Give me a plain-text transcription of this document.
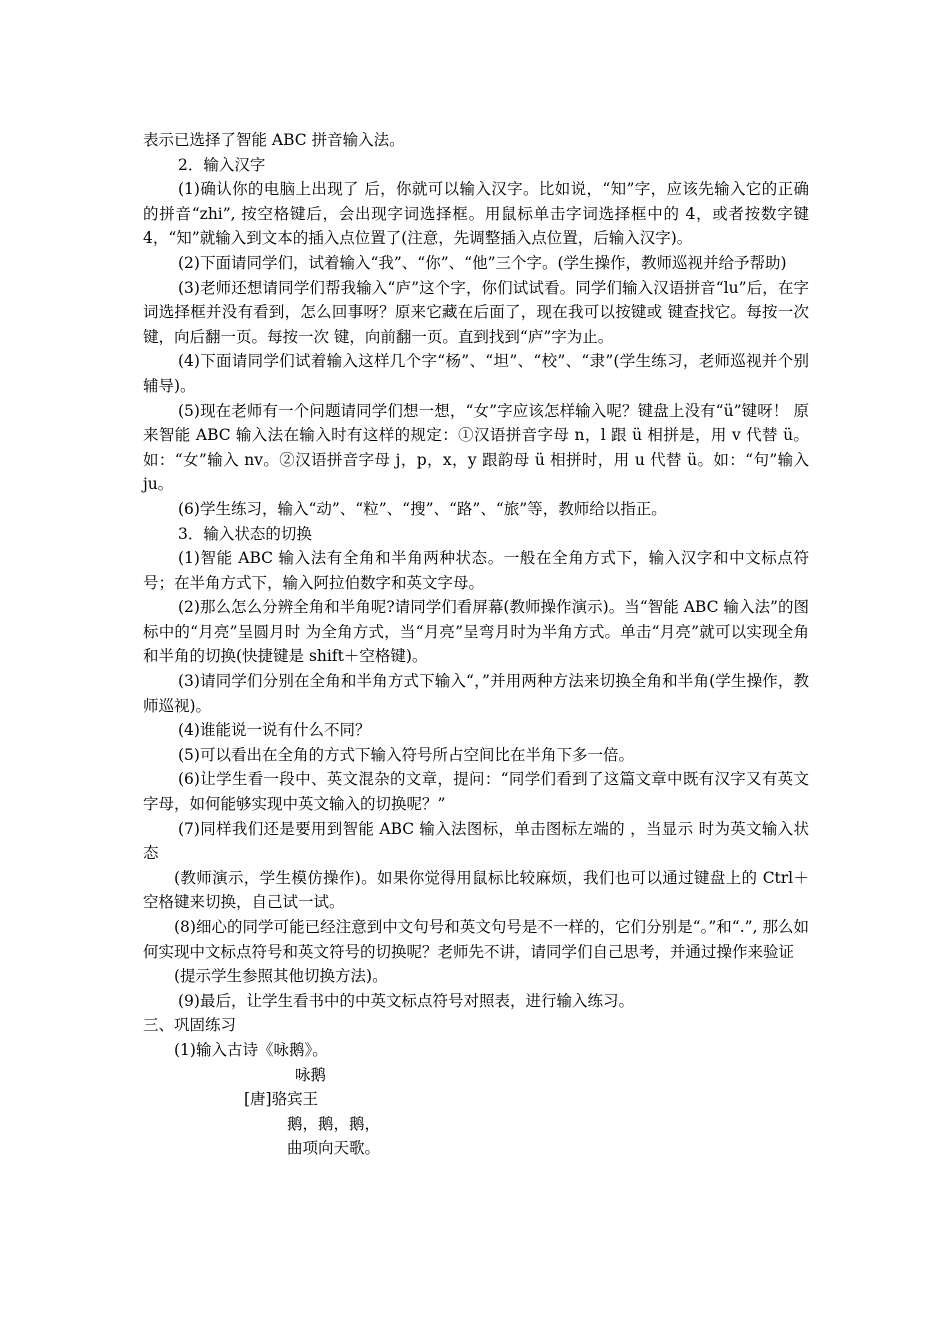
表示已选择了智能 ABC 拼音输入法。

2．输入汉字

(1)确认你的电脑上出现了 后，你就可以输入汉字。比如说，“知”字，应该先输入它的正确的拼音“zhi”, 按空格键后，会出现字词选择框。用鼠标单击字词选择框中的 4，或者按数字键 4，“知”就输入到文本的插入点位置了(注意，先调整插入点位置，后输入汉字)。

(2)下面请同学们，试着输入“我”、“你”、“他”三个字。(学生操作，教师巡视并给予帮助)

(3)老师还想请同学们帮我输入“庐”这个字，你们试试看。同学们输入汉语拼音“lu”后，在字词选择框并没有看到，怎么回事呀？原来它藏在后面了，现在我可以按键或 键查找它。每按一次 键，向后翻一页。每按一次 键，向前翻一页。直到找到“庐”字为止。

(4)下面请同学们试着输入这样几个字“杨”、“坦”、“校”、“隶”(学生练习，老师巡视并个别辅导)。

(5)现在老师有一个问题请同学们想一想，“女”字应该怎样输入呢？键盘上没有“ü”键呀！ 原来智能 ABC 输入法在输入时有这样的规定：①汉语拼音字母 n，l 跟 ü 相拼是，用 v 代替 ü。如：“女”输入 nv。②汉语拼音字母 j，p，x，y 跟韵母 ü 相拼时，用 u 代替 ü。如：“句”输入 ju。

(6)学生练习，输入“动”、“粒”、“搜”、“路”、“旅”等，教师给以指正。

3．输入状态的切换

(1)智能 ABC 输入法有全角和半角两种状态。一般在全角方式下，输入汉字和中文标点符号；在半角方式下，输入阿拉伯数字和英文字母。

(2)那么怎么分辨全角和半角呢?请同学们看屏幕(教师操作演示)。当“智能 ABC 输入法”的图标中的“月亮”呈圆月时 为全角方式，当“月亮”呈弯月时为半角方式。单击“月亮”就可以实现全角和半角的切换(快捷键是 shift＋空格键)。

(3)请同学们分别在全角和半角方式下输入“，”并用两种方法来切换全角和半角(学生操作，教师巡视)。

(4)谁能说一说有什么不同？

(5)可以看出在全角的方式下输入符号所占空间比在半角下多一倍。

(6)让学生看一段中、英文混杂的文章，提问：“同学们看到了这篇文章中既有汉字又有英文字母，如何能够实现中英文输入的切换呢？”

(7)同样我们还是要用到智能 ABC 输入法图标，单击图标左端的 ，当显示 时为英文输入状态

(教师演示，学生模仿操作)。如果你觉得用鼠标比较麻烦，我们也可以通过键盘上的 Ctrl＋空格键来切换，自己试一试。

(8)细心的同学可能已经注意到中文句号和英文句号是不一样的，它们分别是“。”和“.”, 那么如何实现中文标点符号和英文符号的切换呢？老师先不讲，请同学们自己思考，并通过操作来验证

(提示学生参照其他切换方法)。

(9)最后，让学生看书中的中英文标点符号对照表，进行输入练习。

三、巩固练习

(1)输入古诗《咏鹅》。

咏鹅

[唐]骆宾王

鹅，鹅，鹅，

曲项向天歌。
